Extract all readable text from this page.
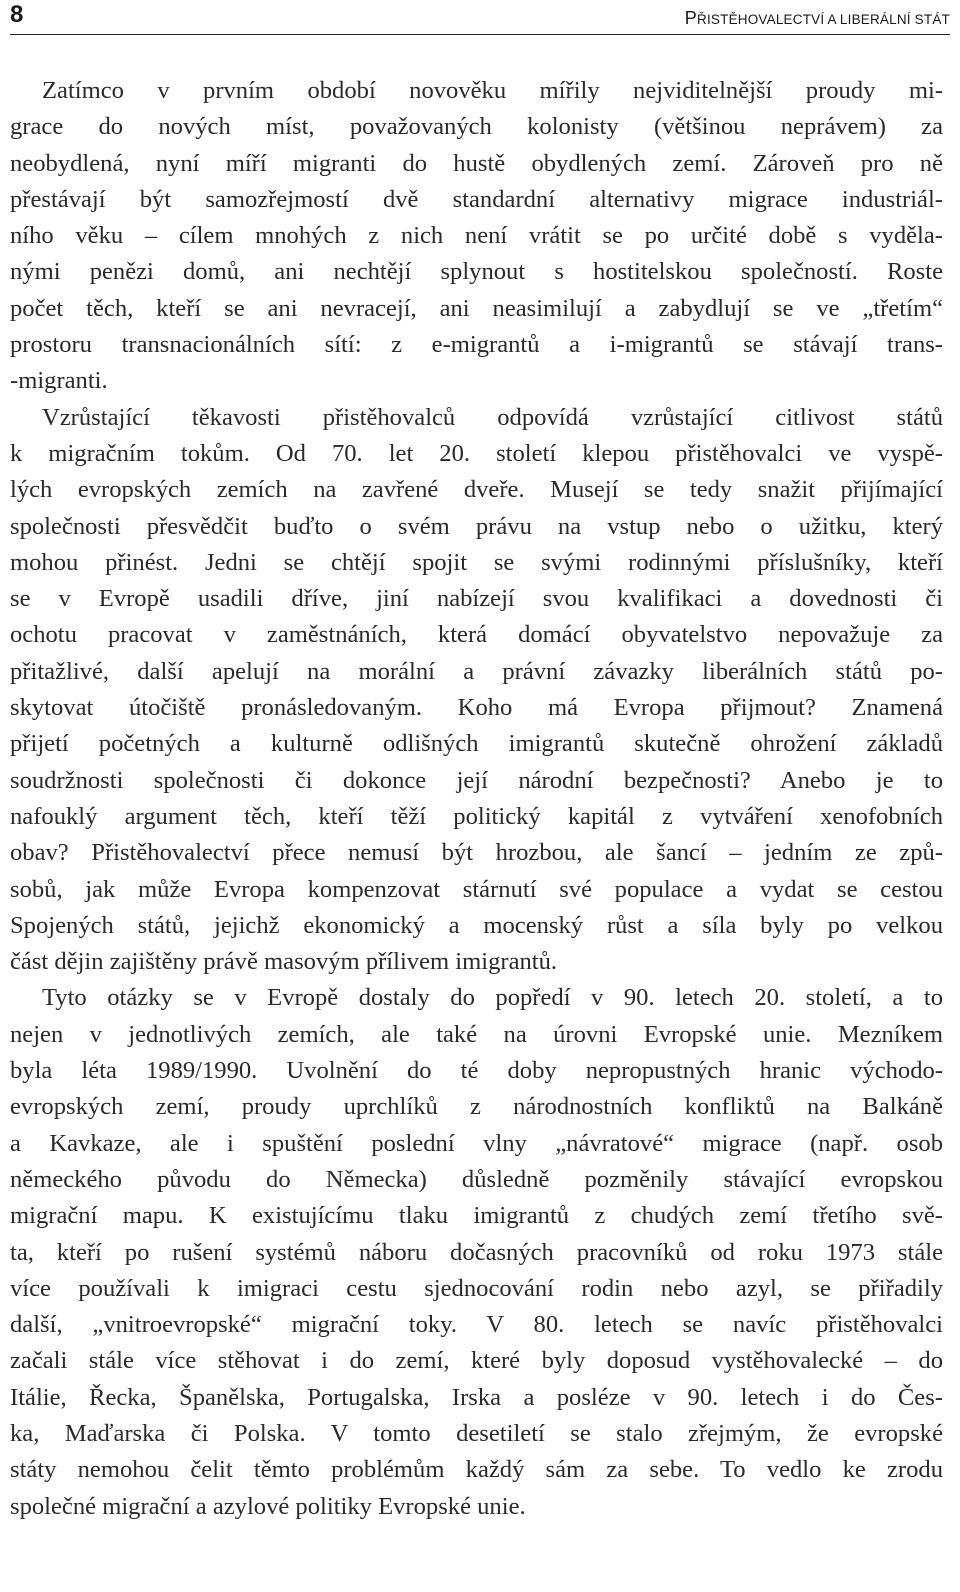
8	PŘISTĚHOVALECTVÍ A LIBERÁLNÍ STÁT
Zatímco v prvním období novověku mířily nejviditelnější proudy mi-
grace do nových míst, považovaných kolonisty (většinou neprávem) za
neobydlená, nyní míří migranti do hustě obydlených zemí. Zároveň pro ně
přestávají být samozřejmostí dvě standardní alternativy migrace industriál-
ního věku – cílem mnohých z nich není vrátit se po určité době s vydělа-
nými penězi domů, ani nechtějí splynout s hostitelskou společností. Roste
počet těch, kteří se ani nevracejí, ani neasimilují a zabydlují se ve „třetím“
prostoru transnacionálních sítí: z e-migrantů a i-migrantů se stávají trans-
-migranti.
Vzrůstající těkavosti přistěhovalců odpovídá vzrůstající citlivost států
k migračním tokům. Od 70. let 20. století klepou přistěhovalci ve vyspě-
lých evropských zemích na zavřené dveře. Musejí se tedy snažit přijímající
společnosti přesvědčit buďto o svém právu na vstup nebo o užitku, který
mohou přinést. Jedni se chtějí spojit se svými rodinnými příslušníky, kteří
se v Evropě usadili dříve, jiní nabízejí svou kvalifikaci a dovednosti či
ochotu pracovat v zaměstnáních, která domácí obyvatelstvo nepovažuje za
přitažlivé, další apelují na morální a právní závazky liberálních států po-
skytovat útočiště pronásledovaným. Koho má Evropa přijmout? Znamená
přijetí početných a kulturně odlišných imigrantů skutečně ohrožení základů
soudržnosti společnosti či dokonce její národní bezpečnosti? Anebo je to
nafouklý argument těch, kteří těží politický kapitál z vytváření xenofobních
obav? Přistěhovalectví přece nemusí být hrozbou, ale šancí – jedním ze způ-
sobů, jak může Evropa kompenzovat stárnutí své populace a vydat se cestou
Spojených států, jejichž ekonomický a mocenský růst a síla byly po velkou
část dějin zajištěny právě masovým přílivem imigrantů.
Tyto otázky se v Evropě dostaly do popředí v 90. letech 20. století, a to
nejen v jednotlivých zemích, ale také na úrovni Evropské unie. Mezníkem
byla léta 1989/1990. Uvolnění do té doby nepropustných hranic východo-
evropských zemí, proudy uprchlíků z národnostních konfliktů na Balkáně
a Kavkaze, ale i spuštění poslední vlny „návratové“ migrace (např. osob
německého původu do Německa) důsledně pozměnily stávající evropskou
migrační mapu. K existujícímu tlaku imigrantů z chudých zemí třetího svě-
ta, kteří po rušení systémů náboru dočasných pracovníků od roku 1973 stále
více používali k imigraci cestu sjednocování rodin nebo azyl, se přiřadily
další, „vnitroevropské“ migrační toky. V 80. letech se navíc přistěhovalci
začali stále více stěhovat i do zemí, které byly doposud vystěhovalecké – do
Itálie, Řecka, Španělska, Portugalska, Irska a posléze v 90. letech i do Čes-
ka, Maďarska či Polska. V tomto desetiletí se stalo zřejmým, že evropské
státy nemohou čelit těmto problémům každý sám za sebe. To vedlo ke zrodu
společné migrační a azylové politiky Evropské unie.
